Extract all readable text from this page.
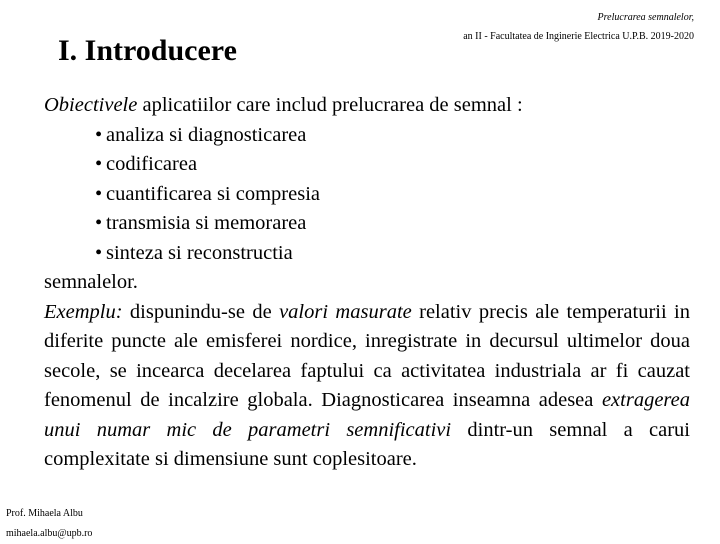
Prelucrarea semnalelor,
an II - Facultatea de Inginerie Electrica U.P.B. 2019-2020
I. Introducere

Obiectivele aplicatiilor care includ prelucrarea de semnal :

• analiza si diagnosticarea
• codificarea
• cuantificarea si compresia
• transmisia si memorarea
• sinteza si reconstructia

semnalelor.

Exemplu: dispunindu-se de valori masurate relativ precis ale temperaturii in diferite puncte ale emisferei nordice, inregistrate in decursul ultimelor doua secole, se incearca decelarea faptului ca activitatea industriala ar fi cauzat fenomenul de incalzire globala. Diagnosticarea inseamna adesea extragerea unui numar mic de parametri semnificativi dintr-un semnal a carui complexitate si dimensiune sunt coplesitoare.

Prof. Mihaela Albu
mihaela.albu@upb.ro
